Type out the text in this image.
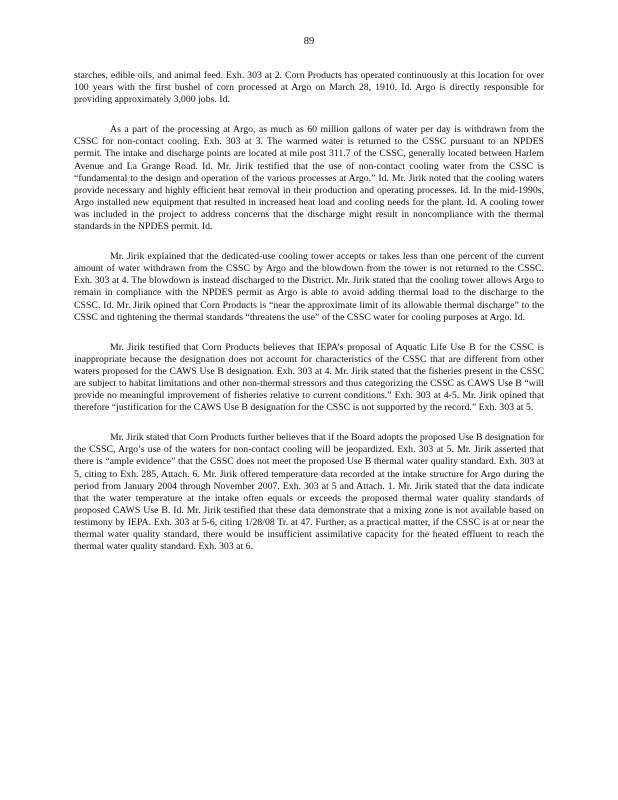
89

starches, edible oils, and animal feed. Exh. 303 at 2. Corn Products has operated continuously at this location for over 100 years with the first bushel of corn processed at Argo on March 28, 1910. Id. Argo is directly responsible for providing approximately 3,000 jobs. Id.

As a part of the processing at Argo, as much as 60 million gallons of water per day is withdrawn from the CSSC for non-contact cooling. Exh. 303 at 3. The warmed water is returned to the CSSC pursuant to an NPDES permit. The intake and discharge points are located at mile post 311.7 of the CSSC, generally located between Harlem Avenue and La Grange Road. Id. Mr. Jirik testified that the use of non-contact cooling water from the CSSC is “fundamental to the design and operation of the various processes at Argo.” Id. Mr. Jirik noted that the cooling waters provide necessary and highly efficient heat removal in their production and operating processes. Id. In the mid-1990s, Argo installed new equipment that resulted in increased heat load and cooling needs for the plant. Id. A cooling tower was included in the project to address concerns that the discharge might result in noncompliance with the thermal standards in the NPDES permit. Id.

Mr. Jirik explained that the dedicated-use cooling tower accepts or takes less than one percent of the current amount of water withdrawn from the CSSC by Argo and the blowdown from the tower is not returned to the CSSC. Exh. 303 at 4. The blowdown is instead discharged to the District. Mr. Jirik stated that the cooling tower allows Argo to remain in compliance with the NPDES permit as Argo is able to avoid adding thermal load to the discharge to the CSSC. Id. Mr. Jirik opined that Corn Products is “near the approximate limit of its allowable thermal discharge” to the CSSC and tightening the thermal standards “threatens the use” of the CSSC water for cooling purposes at Argo. Id.

Mr. Jirik testified that Corn Products believes that IEPA’s proposal of Aquatic Life Use B for the CSSC is inappropriate because the designation does not account for characteristics of the CSSC that are different from other waters proposed for the CAWS Use B designation. Exh. 303 at 4. Mr. Jirik stated that the fisheries present in the CSSC are subject to habitat limitations and other non-thermal stressors and thus categorizing the CSSC as CAWS Use B “will provide no meaningful improvement of fisheries relative to current conditions.” Exh. 303 at 4-5. Mr. Jirik opined that therefore “justification for the CAWS Use B designation for the CSSC is not supported by the record.” Exh. 303 at 5.

Mr. Jirik stated that Corn Products further believes that if the Board adopts the proposed Use B designation for the CSSC, Argo’s use of the waters for non-contact cooling will be jeopardized. Exh. 303 at 5. Mr. Jirik asserted that there is “ample evidence” that the CSSC does not meet the proposed Use B thermal water quality standard. Exh. 303 at 5, citing to Exh. 285, Attach. 6. Mr. Jirik offered temperature data recorded at the intake structure for Argo during the period from January 2004 through November 2007. Exh. 303 at 5 and Attach. 1. Mr. Jirik stated that the data indicate that the water temperature at the intake often equals or exceeds the proposed thermal water quality standards of proposed CAWS Use B. Id. Mr. Jirik testified that these data demonstrate that a mixing zone is not available based on testimony by IEPA. Exh. 303 at 5-6, citing 1/28/08 Tr. at 47. Further, as a practical matter, if the CSSC is at or near the thermal water quality standard, there would be insufficient assimilative capacity for the heated effluent to reach the thermal water quality standard. Exh. 303 at 6.
